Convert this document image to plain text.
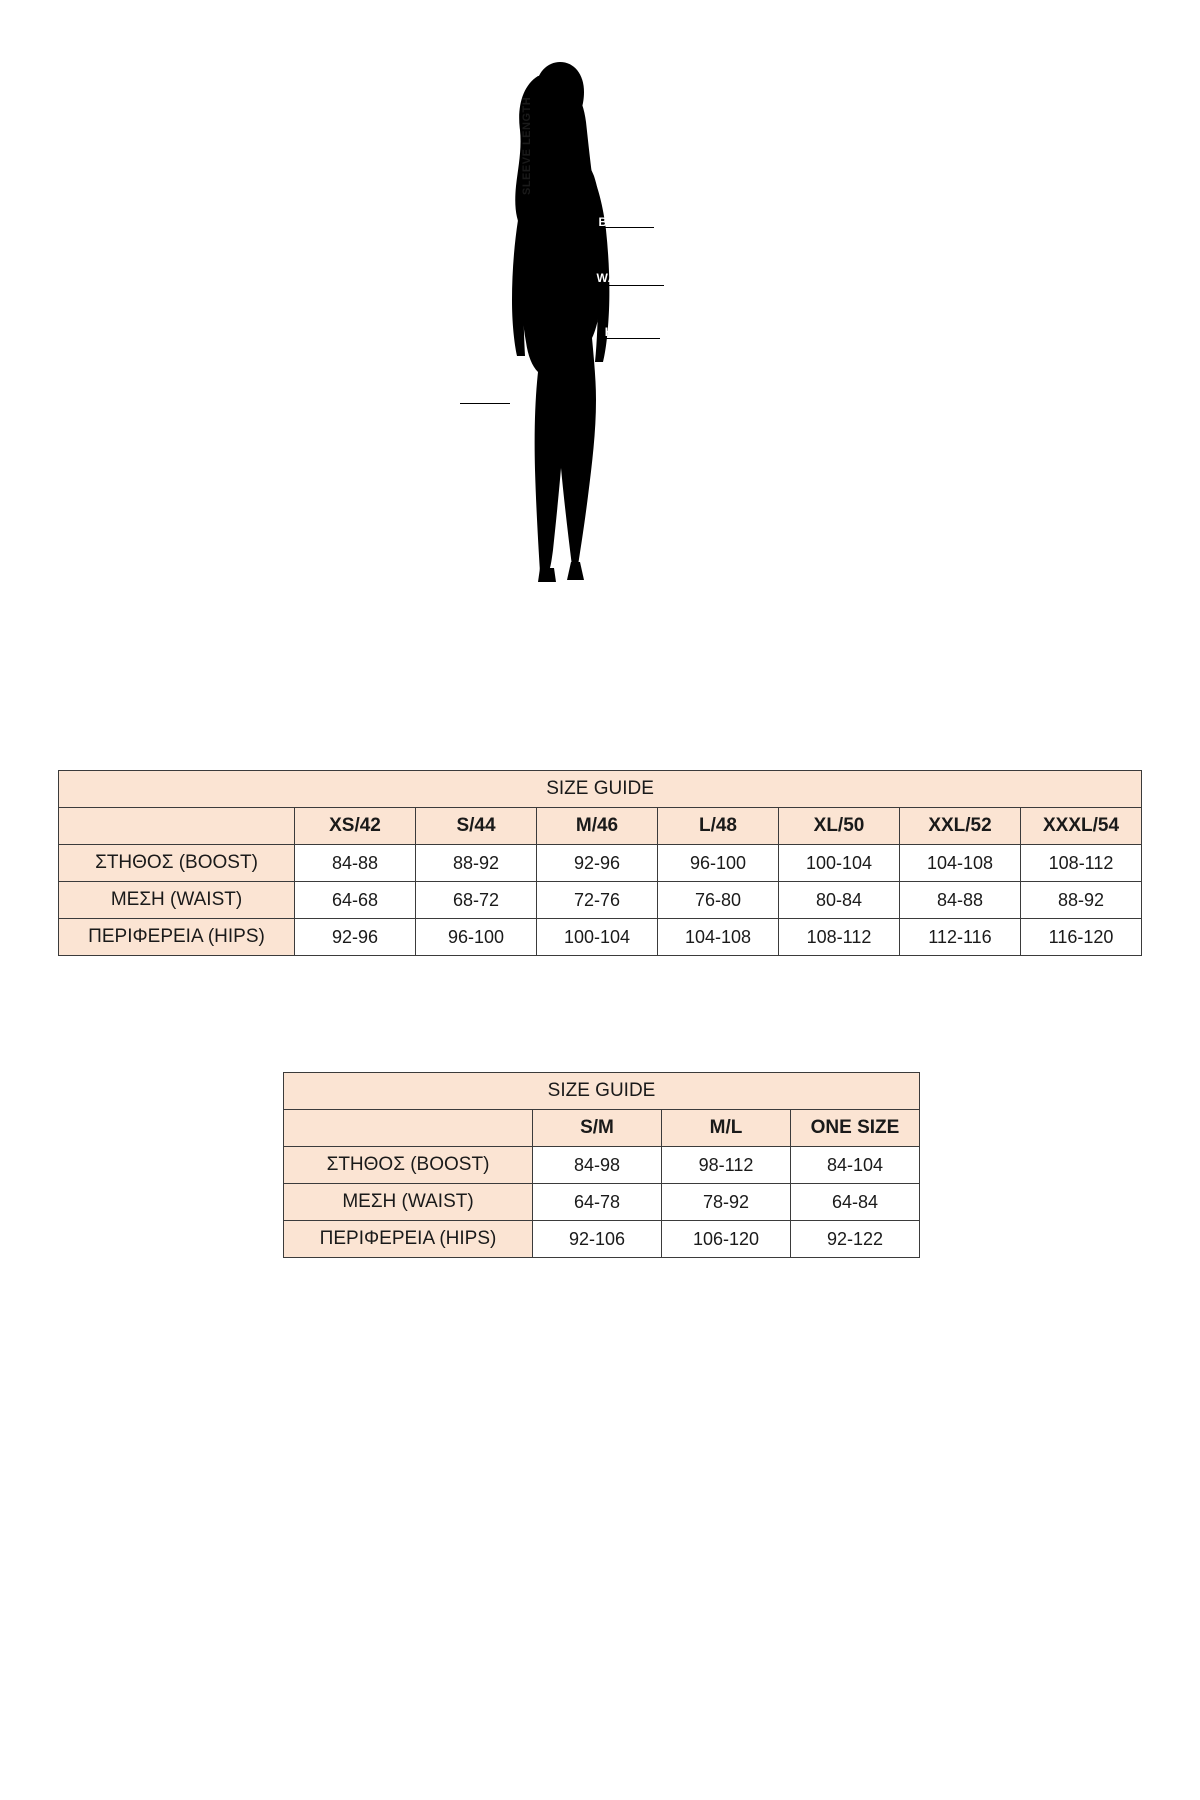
BUST
WAIST
HIPS
SLEEVE LENGTH
SIZE GUIDE							
	XS/42	S/44	M/46	L/48	XL/50	XXL/52	XXXL/54
ΣΤΗΘΟΣ (BOOST)	84-88	88-92	92-96	96-100	100-104	104-108	108-112
ΜΕΣΗ (WAIST)	64-68	68-72	72-76	76-80	80-84	84-88	88-92
ΠΕΡΙΦΕΡΕΙΑ (HIPS)	92-96	96-100	100-104	104-108	108-112	112-116	116-120
SIZE GUIDE			
	S/M	M/L	ONE SIZE
ΣΤΗΘΟΣ (BOOST)	84-98	98-112	84-104
ΜΕΣΗ (WAIST)	64-78	78-92	64-84
ΠΕΡΙΦΕΡΕΙΑ (HIPS)	92-106	106-120	92-122
